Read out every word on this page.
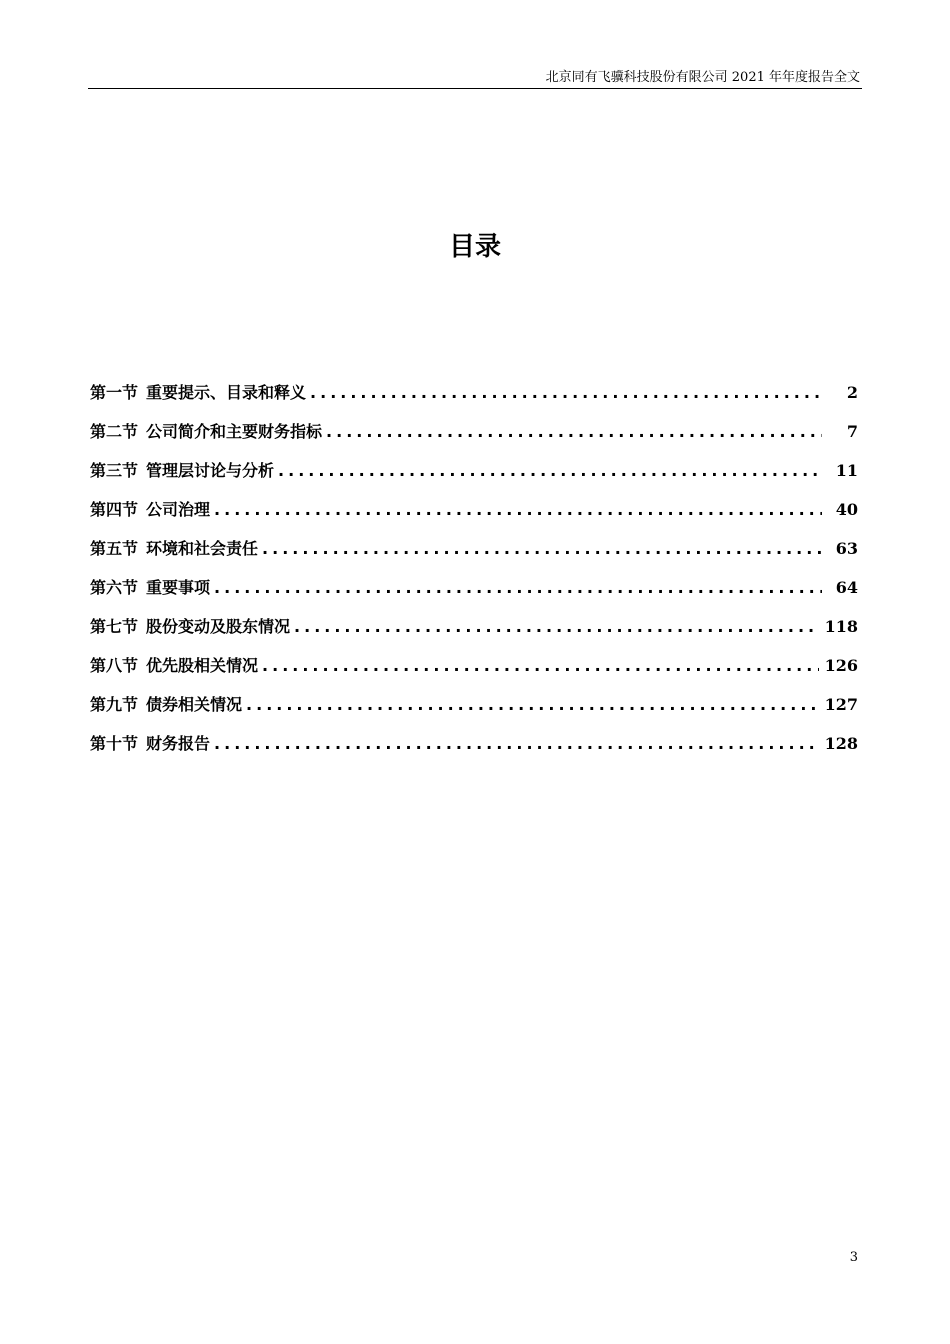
北京同有飞骥科技股份有限公司 2021 年年度报告全文
目录
第一节 重要提示、目录和释义 .....	2
第二节 公司简介和主要财务指标 .....	7
第三节 管理层讨论与分析 .....	11
第四节 公司治理 .....	40
第五节 环境和社会责任 .....	63
第六节 重要事项 .....	64
第七节 股份变动及股东情况 .....	118
第八节 优先股相关情况 .....	126
第九节 债券相关情况 .....	127
第十节 财务报告 .....	128
3
